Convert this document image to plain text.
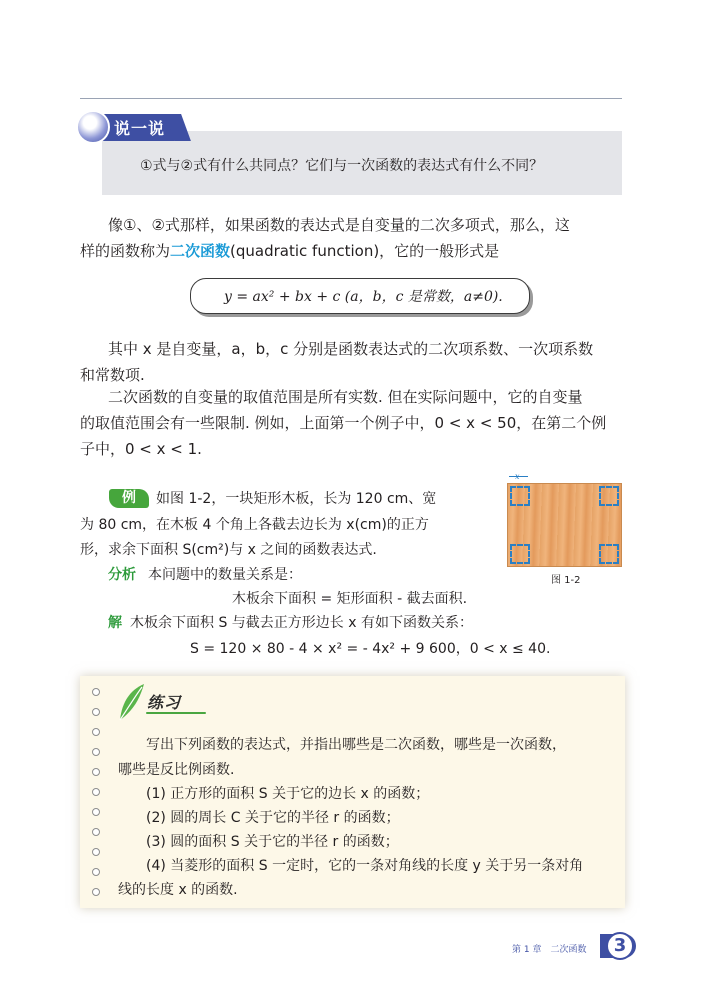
说一说
①式与②式有什么共同点？它们与一次函数的表达式有什么不同？
像①、②式那样，如果函数的表达式是自变量的二次多项式，那么，这
样的函数称为二次函数(quadratic function)，它的一般形式是
y = ax² + bx + c (a，b，c 是常数，a≠0).
其中 x 是自变量，a，b，c 分别是函数表达式的二次项系数、一次项系数
和常数项.
二次函数的自变量的取值范围是所有实数. 但在实际问题中，它的自变量
的取值范围会有一些限制. 例如，上面第一个例子中，0 < x < 50，在第二个例
子中，0 < x < 1.
例	如图 1-2，一块矩形木板，长为 120 cm、宽
为 80 cm，在木板 4 个角上各截去边长为 x(cm)的正方
形，求余下面积 S(cm²)与 x 之间的函数表达式.
分析 本问题中的数量关系是：
木板余下面积 = 矩形面积 - 截去面积.
解 木板余下面积 S 与截去正方形边长 x 有如下函数关系：
S = 120 × 80 - 4 × x² = - 4x² + 9 600，0 < x ≤ 40.
x
图 1-2
练习
写出下列函数的表达式，并指出哪些是二次函数，哪些是一次函数，
哪些是反比例函数.
(1) 正方形的面积 S 关于它的边长 x 的函数；
(2) 圆的周长 C 关于它的半径 r 的函数；
(3) 圆的面积 S 关于它的半径 r 的函数；
(4) 当菱形的面积 S 一定时，它的一条对角线的长度 y 关于另一条对角
线的长度 x 的函数.
第 1 章　二次函数	3
